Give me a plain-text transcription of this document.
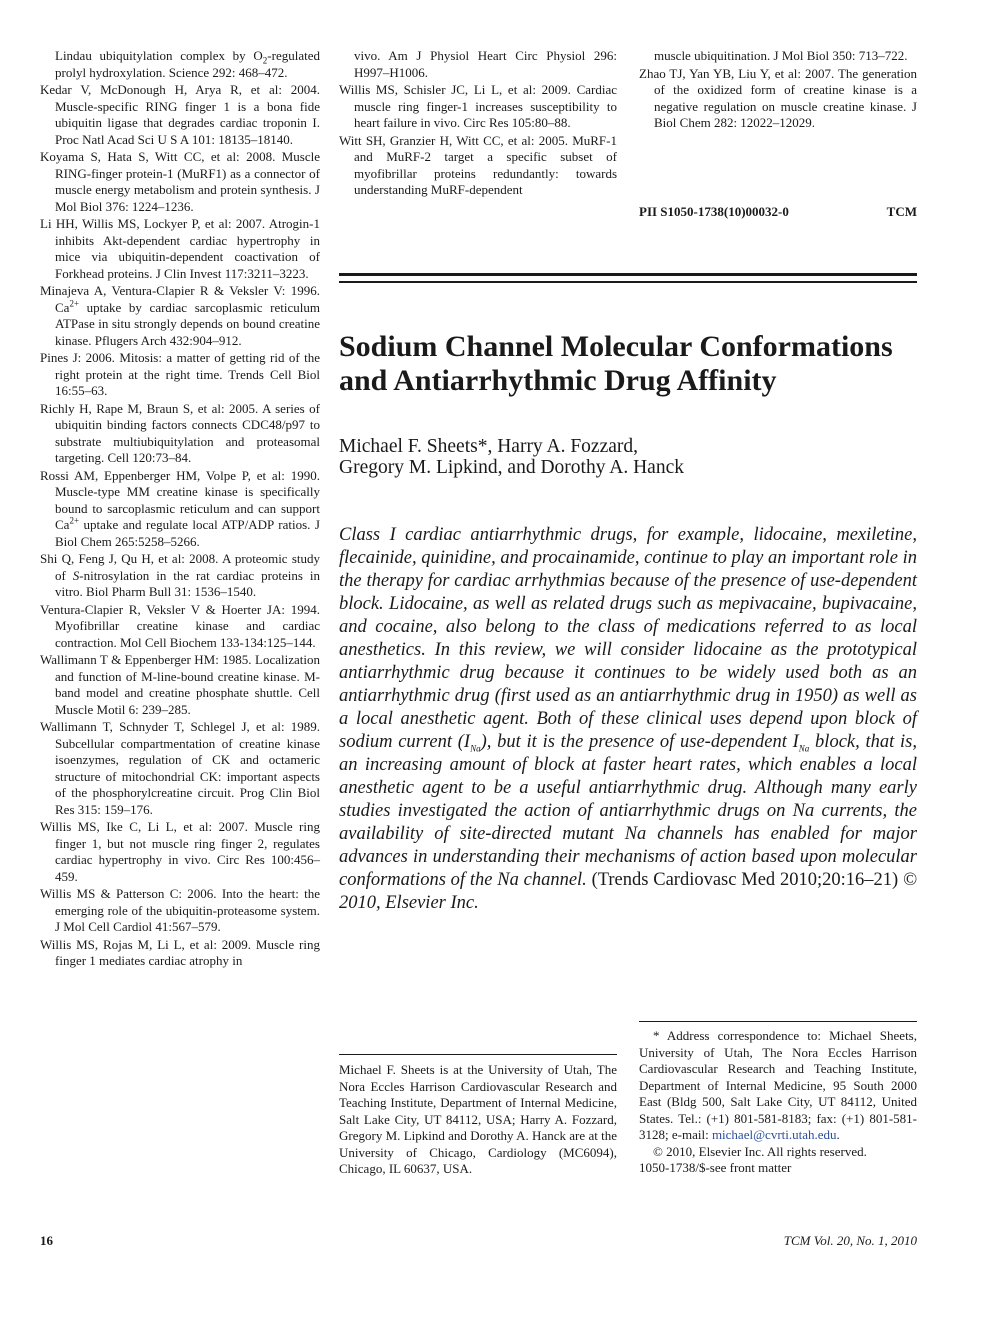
Lindau ubiquitylation complex by $O_2$-regulated prolyl hydroxylation. Science 292: 468–472.

Kedar V, McDonough H, Arya R, et al: 2004. Muscle-specific RING finger 1 is a bona fide ubiquitin ligase that degrades cardiac troponin I. Proc Natl Acad Sci U S A 101: 18135–18140.

Koyama S, Hata S, Witt CC, et al: 2008. Muscle RING-finger protein-1 (MuRF1) as a connector of muscle energy metabolism and protein synthesis. J Mol Biol 376: 1224–1236.

Li HH, Willis MS, Lockyer P, et al: 2007. Atrogin-1 inhibits Akt-dependent cardiac hypertrophy in mice via ubiquitin-dependent coactivation of Forkhead proteins. J Clin Invest 117:3211–3223.

Minajeva A, Ventura-Clapier R & Veksler V: 1996. $Ca^{2+}$ uptake by cardiac sarcoplasmic reticulum ATPase in situ strongly depends on bound creatine kinase. Pflugers Arch 432:904–912.

Pines J: 2006. Mitosis: a matter of getting rid of the right protein at the right time. Trends Cell Biol 16:55–63.

Richly H, Rape M, Braun S, et al: 2005. A series of ubiquitin binding factors connects CDC48/p97 to substrate multiubiquitylation and proteasomal targeting. Cell 120:73–84.

Rossi AM, Eppenberger HM, Volpe P, et al: 1990. Muscle-type MM creatine kinase is specifically bound to sarcoplasmic reticulum and can support $Ca^{2+}$ uptake and regulate local ATP/ADP ratios. J Biol Chem 265:5258–5266.

Shi Q, Feng J, Qu H, et al: 2008. A proteomic study of S-nitrosylation in the rat cardiac proteins in vitro. Biol Pharm Bull 31: 1536–1540.

Ventura-Clapier R, Veksler V & Hoerter JA: 1994. Myofibrillar creatine kinase and cardiac contraction. Mol Cell Biochem 133-134:125–144.

Wallimann T & Eppenberger HM: 1985. Localization and function of M-line-bound creatine kinase. M-band model and creatine phosphate shuttle. Cell Muscle Motil 6: 239–285.

Wallimann T, Schnyder T, Schlegel J, et al: 1989. Subcellular compartmentation of creatine kinase isoenzymes, regulation of CK and octameric structure of mitochondrial CK: important aspects of the phosphorylcreatine circuit. Prog Clin Biol Res 315: 159–176.

Willis MS, Ike C, Li L, et al: 2007. Muscle ring finger 1, but not muscle ring finger 2, regulates cardiac hypertrophy in vivo. Circ Res 100:456–459.

Willis MS & Patterson C: 2006. Into the heart: the emerging role of the ubiquitin-proteasome system. J Mol Cell Cardiol 41:567–579.

Willis MS, Rojas M, Li L, et al: 2009. Muscle ring finger 1 mediates cardiac atrophy in

vivo. Am J Physiol Heart Circ Physiol 296: H997–H1006.

Willis MS, Schisler JC, Li L, et al: 2009. Cardiac muscle ring finger-1 increases susceptibility to heart failure in vivo. Circ Res 105:80–88.

Witt SH, Granzier H, Witt CC, et al: 2005. MuRF-1 and MuRF-2 target a specific subset of myofibrillar proteins redundantly: towards understanding MuRF-dependent

muscle ubiquitination. J Mol Biol 350: 713–722.

Zhao TJ, Yan YB, Liu Y, et al: 2007. The generation of the oxidized form of creatine kinase is a negative regulation on muscle creatine kinase. J Biol Chem 282: 12022–12029.

PII S1050-1738(10)00032-0	TCM
Sodium Channel Molecular Conformations and Antiarrhythmic Drug Affinity
Michael F. Sheets*, Harry A. Fozzard,
Gregory M. Lipkind, and Dorothy A. Hanck
Class I cardiac antiarrhythmic drugs, for example, lidocaine, mexiletine, flecainide, quinidine, and procainamide, continue to play an important role in the therapy for cardiac arrhythmias because of the presence of use-dependent block. Lidocaine, as well as related drugs such as mepivacaine, bupivacaine, and cocaine, also belong to the class of medications referred to as local anesthetics. In this review, we will consider lidocaine as the prototypical antiarrhythmic drug because it continues to be widely used both as an antiarrhythmic drug (first used as an antiarrhythmic drug in 1950) as well as a local anesthetic agent. Both of these clinical uses depend upon block of sodium current $(I_{Na})$, but it is the presence of use-dependent $I_{Na}$ block, that is, an increasing amount of block at faster heart rates, which enables a local anesthetic agent to be a useful antiarrhythmic drug. Although many early studies investigated the action of antiarrhythmic drugs on Na currents, the availability of site-directed mutant Na channels has enabled for major advances in understanding their mechanisms of action based upon molecular conformations of the Na channel. (Trends Cardiovasc Med 2010;20:16–21) © 2010, Elsevier Inc.
Michael F. Sheets is at the University of Utah, The Nora Eccles Harrison Cardiovascular Research and Teaching Institute, Department of Internal Medicine, Salt Lake City, UT 84112, USA; Harry A. Fozzard, Gregory M. Lipkind and Dorothy A. Hanck are at the University of Chicago, Cardiology (MC6094), Chicago, IL 60637, USA.

* Address correspondence to: Michael Sheets, University of Utah, The Nora Eccles Harrison Cardiovascular Research and Teaching Institute, Department of Internal Medicine, 95 South 2000 East (Bldg 500, Salt Lake City, UT 84112, United States. Tel.: (+1) 801-581-8183; fax: (+1) 801-581-3128; e-mail: michael@cvrti.utah.edu.

© 2010, Elsevier Inc. All rights reserved.

1050-1738/$-see front matter
16	TCM Vol. 20, No. 1, 2010
